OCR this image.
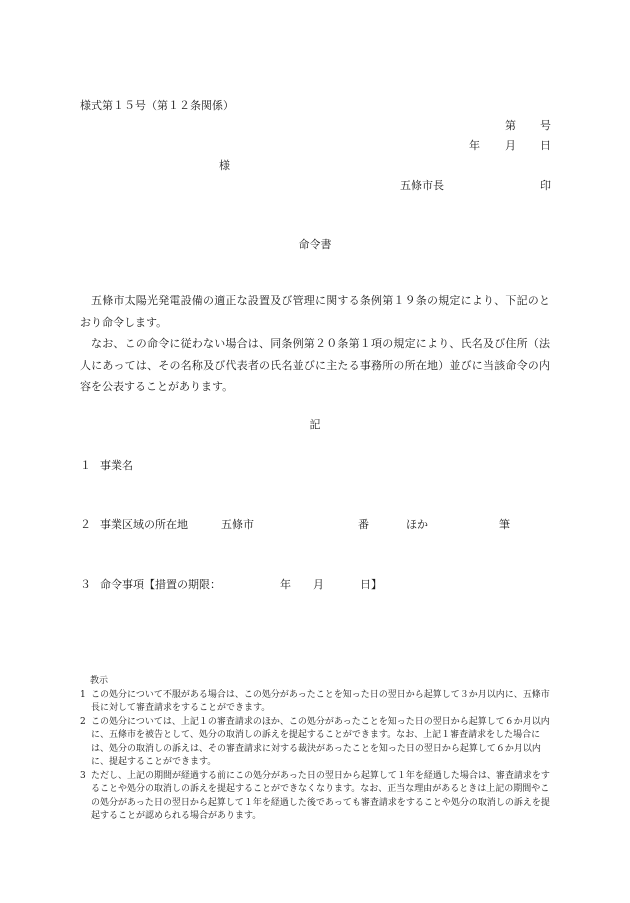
様式第１５号（第１２条関係）
第 号
年 月 日
様
五條市長	印
命令書
五條市太陽光発電設備の適正な設置及び管理に関する条例第１９条の規定により、下記のとおり命令します。
なお、この命令に従わない場合は、同条例第２０条第１項の規定により、氏名及び住所（法人にあっては、その名称及び代表者の氏名並びに主たる事務所の所在地）並びに当該命令の内容を公表することがあります。
記
１ 事業名
２ 事業区域の所在地	五條市	番	ほか	筆
３ 命令事項【措置の期限：	年 月	日】
教示
1 この処分について不服がある場合は、この処分があったことを知った日の翌日から起算して３か月以内に、五條市長に対して審査請求をすることができます。
2 この処分については、上記１の審査請求のほか、この処分があったことを知った日の翌日から起算して６か月以内に、五條市を被告として、処分の取消しの訴えを提起することができます。なお、上記１審査請求をした場合には、処分の取消しの訴えは、その審査請求に対する裁決があったことを知った日の翌日から起算して６か月以内に、提起することができます。
3 ただし、上記の期間が経過する前にこの処分があった日の翌日から起算して１年を経過した場合は、審査請求をすることや処分の取消しの訴えを提起することができなくなります。なお、正当な理由があるときは上記の期間やこの処分があった日の翌日から起算して１年を経過した後であっても審査請求をすることや処分の取消しの訴えを提起することが認められる場合があります。
